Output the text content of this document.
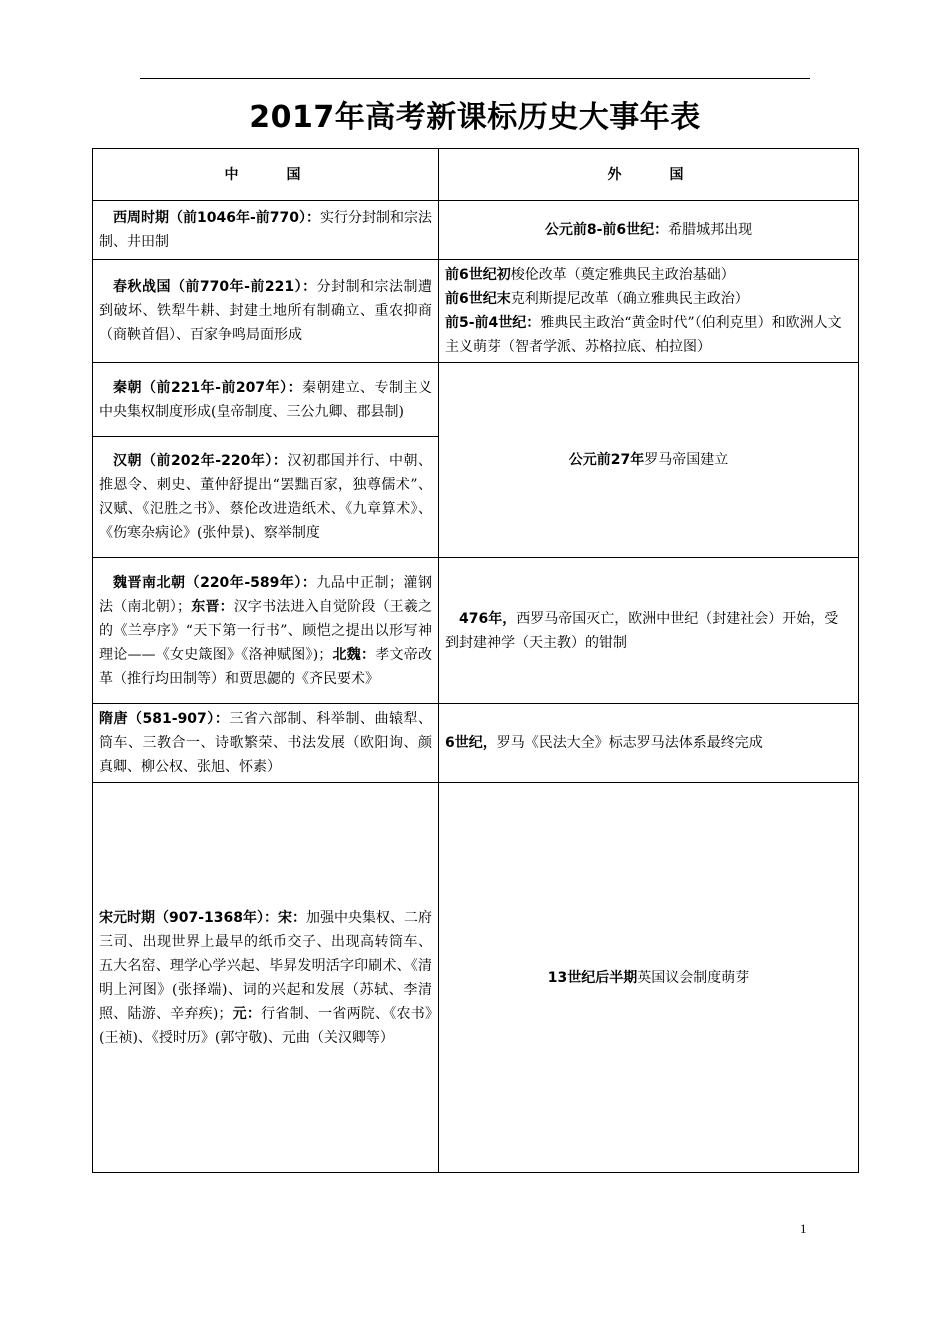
2017年高考新课标历史大事年表
中国	外国
西周时期（前1046年-前770）：实行分封制和宗法制、井田制	公元前8-前6世纪：希腊城邦出现
春秋战国（前770年-前221）：分封制和宗法制遭到破坏、铁犁牛耕、封建土地所有制确立、重农抑商（商鞅首倡）、百家争鸣局面形成	前6世纪初梭伦改革（奠定雅典民主政治基础）
前6世纪末克利斯提尼改革（确立雅典民主政治）
前5-前4世纪：雅典民主政治“黄金时代”（伯利克里）和欧洲人文主义萌芽（智者学派、苏格拉底、柏拉图）

秦朝（前221年-前207年）：秦朝建立、专制主义中央集权制度形成(皇帝制度、三公九卿、郡县制)	公元前27年罗马帝国建立
汉朝（前202年-220年）：汉初郡国并行、中朝、推恩令、刺史、董仲舒提出“罢黜百家，独尊儒术”、汉赋、《氾胜之书》、蔡伦改进造纸术、《九章算术》、《伤寒杂病论》(张仲景)、察举制度	
魏晋南北朝（220年-589年）：九品中正制；灌钢法（南北朝）；东晋：汉字书法进入自觉阶段（王羲之的《兰亭序》“天下第一行书”、顾恺之提出以形写神理论——《女史箴图》《洛神赋图》)；北魏：孝文帝改革（推行均田制等）和贾思勰的《齐民要术》	476年，西罗马帝国灭亡，欧洲中世纪（封建社会）开始，受到封建神学（天主教）的钳制
隋唐（581-907）：三省六部制、科举制、曲辕犁、筒车、三教合一、诗歌繁荣、书法发展（欧阳询、颜真卿、柳公权、张旭、怀素）	6世纪，罗马《民法大全》标志罗马法体系最终完成
宋元时期（907-1368年）：宋：加强中央集权、二府三司、出现世界上最早的纸币交子、出现高转筒车、五大名窑、理学心学兴起、毕昇发明活字印刷术、《清明上河图》(张择端)、词的兴起和发展（苏轼、李清照、陆游、辛弃疾)；元：行省制、一省两院、《农书》(王祯)、《授时历》(郭守敬)、元曲（关汉卿等）	13世纪后半期英国议会制度萌芽
1
